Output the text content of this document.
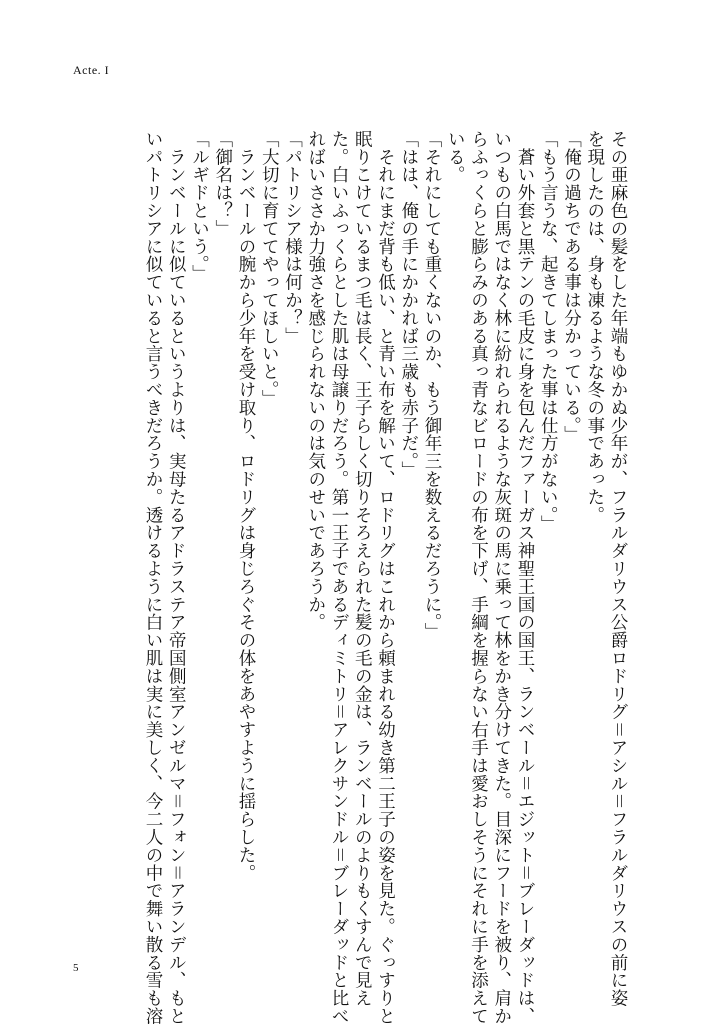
Acte. I

その亜麻色の髪をした年端もゆかぬ少年が、フラルダリウス公爵ロドリグ＝アシル＝フラルダリウスの前に姿

を現したのは、身も凍るような冬の事であった。

「俺の過ちである事は分かっている。」

「もう言うな、起きてしまった事は仕方がない。」

　蒼い外套と黒テンの毛皮に身を包んだファーガス神聖王国の国王、ランベール＝エジット＝ブレーダッドは、

いつもの白馬ではなく林に紛れられるような灰斑の馬に乗って林をかき分けてきた。目深にフードを被り、肩か

らふっくらと膨らみのある真っ青なビロードの布を下げ、手綱を握らない右手は愛おしそうにそれに手を添えて

いる。

「それにしても重くないのか、もう御年三を数えるだろうに。」

「はは、俺の手にかかれば三歳も赤子だ。」

　それにまだ背も低い、と青い布を解いて、ロドリグはこれから頼まれる幼き第二王子の姿を見た。ぐっすりと

眠りこけているまつ毛は長く、王子らしく切りそろえられた髪の毛の金は、ランベールのよりもくすんで見え

た。白いふっくらとした肌は母譲りだろう。第一王子であるディミトリ＝アレクサンドル＝ブレーダッドと比べ

ればいささか力強さを感じられないのは気のせいであろうか。

「パトリシア様は何か？」

「大切に育ててやってほしいと。」

　ランベールの腕から少年を受け取り、ロドリグは身じろぐその体をあやすように揺らした。

「御名は？」

「ルギドという。」

　ランベールに似ているというよりは、実母たるアドラステア帝国側室アンゼルマ＝フォン＝アランデル、もと

いパトリシアに似ていると言うべきだろうか。透けるように白い肌は実に美しく、今二人の中で舞い散る雪も溶

5
